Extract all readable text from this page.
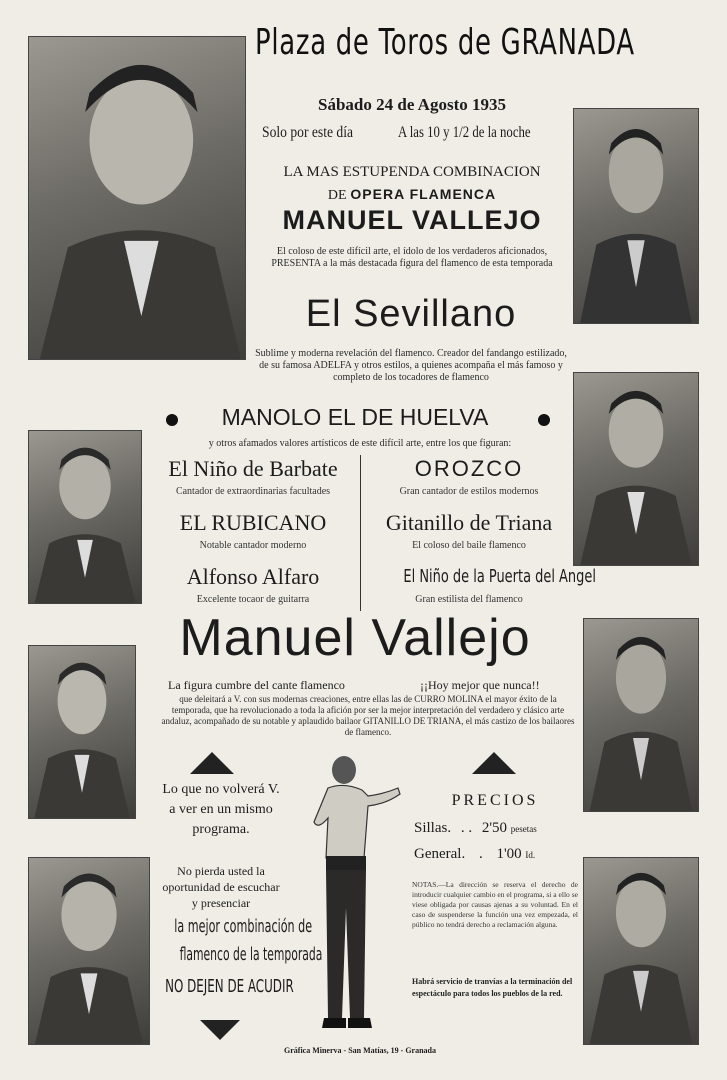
Plaza de Toros de GRANADA
Sábado 24 de Agosto 1935
Solo por este día	A las 10 y 1/2 de la noche
LA MAS ESTUPENDA COMBINACION
DE OPERA FLAMENCA
MANUEL VALLEJO
El coloso de este difícil arte, el ídolo de los verdaderos aficionados, PRESENTA a la más destacada figura del flamenco de esta temporada
El Sevillano
Sublime y moderna revelación del flamenco. Creador del fandango estilizado, de su famosa ADELFA y otros estilos, a quienes acompaña el más famoso y completo de los tocadores de flamenco
MANOLO EL DE HUELVA
y otros afamados valores artísticos de este difícil arte, entre los que figuran:
El Niño de Barbate
Cantador de extraordinarias facultades
OROZCO
Gran cantador de estilos modernos
EL RUBICANO
Notable cantador moderno
Gitanillo de Triana
El coloso del baile flamenco
Alfonso Alfaro
Excelente tocaor de guitarra
El Niño de la Puerta del Angel
Gran estilista del flamenco
Manuel Vallejo
La figura cumbre del cante flamenco	¡¡Hoy mejor que nunca!!
que deleitará a V. con sus modernas creaciones, entre ellas las de CURRO MOLINA el mayor éxito de la temporada, que ha revolucionado a toda la afición por ser la mejor interpretación del verdadero y clásico arte andaluz, acompañado de su notable y aplaudido bailaor GITANILLO DE TRIANA, el más castizo de los bailaores de flamenco.
Lo que no volverá V.
a ver en un mismo
programa.
No pierda usted la
oportunidad de escuchar
y presenciar
la mejor combinación de
flamenco de la temporada
NO DEJEN DE ACUDIR
PRECIOS
Sillas. . . 2'50 pesetas
General. . 1'00 Id.
NOTAS.—La dirección se reserva el derecho de introducir cualquier cambio en el programa, si a ello se viese obligada por causas ajenas a su voluntad. En el caso de suspenderse la función una vez empezada, el público no tendrá derecho a reclamación alguna.
Habrá servicio de tranvías a la terminación del espectáculo para todos los pueblos de la red.
Gráfica Minerva - San Matías, 19 - Granada
